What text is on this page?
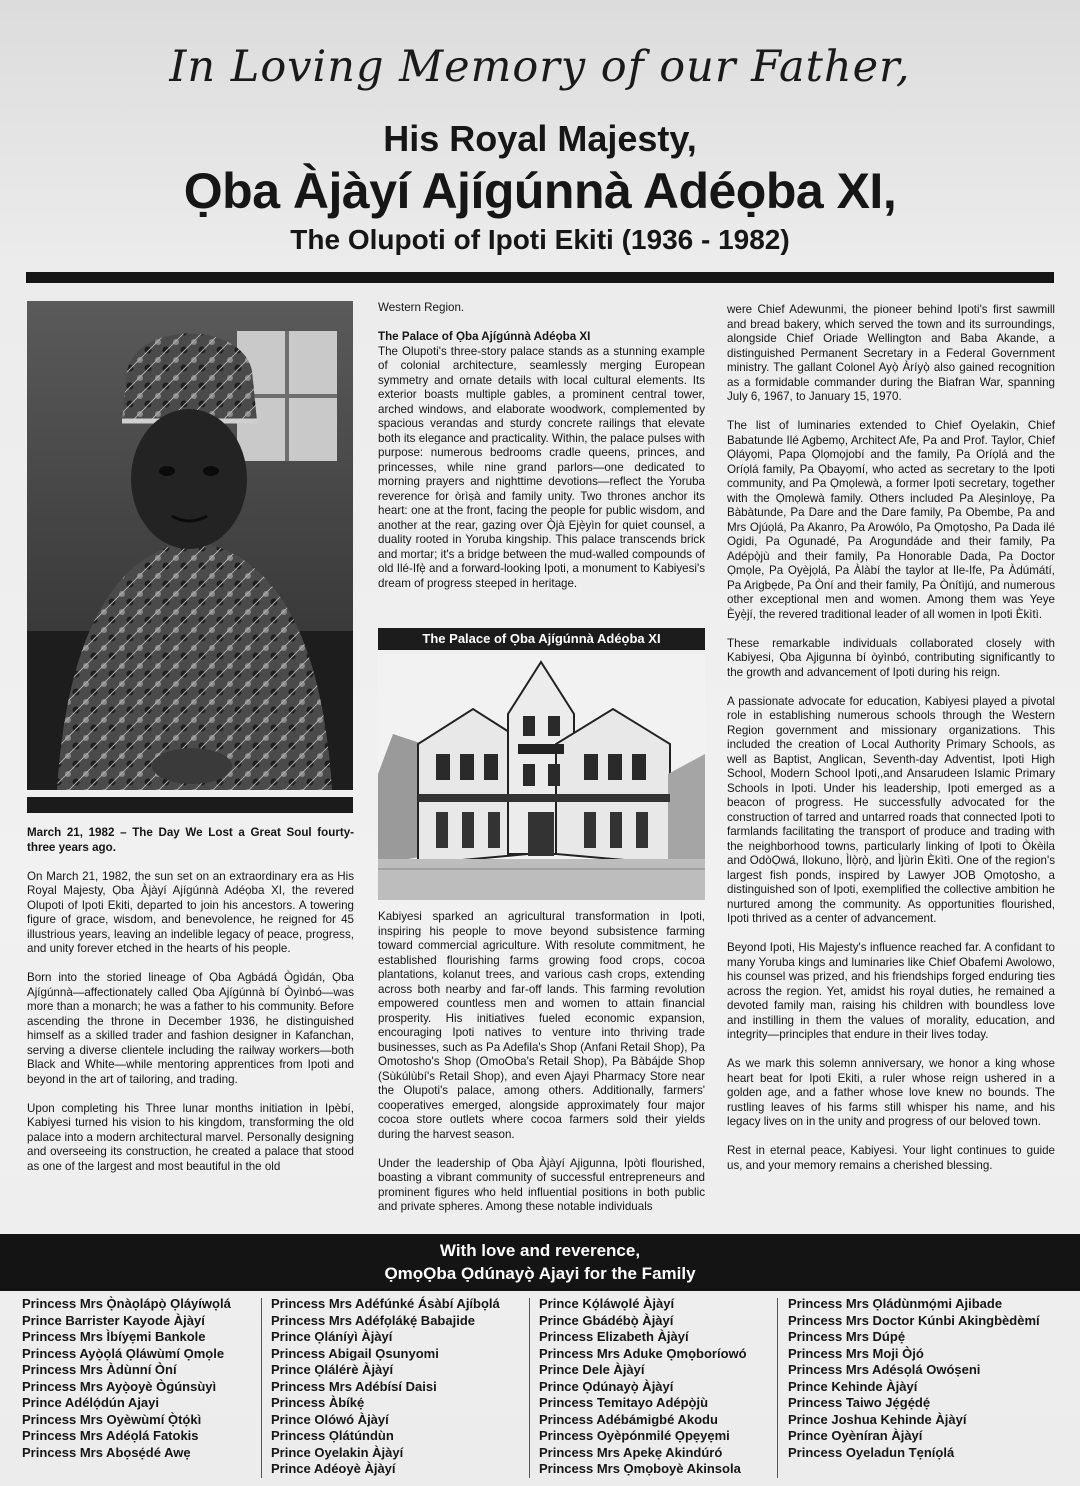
In Loving Memory of our Father,
His Royal Majesty,
Ọba Àjàyí Ajígúnnà Adéọba XI,
The Olupoti of Ipoti Ekiti (1936 - 1982)

March 21, 1982 – The Day We Lost a Great Soul fourty-three years ago.

On March 21, 1982, the sun set on an extraordinary era as His Royal Majesty, Ọba Àjàyí Ajígúnnà Adéọba XI, the revered Olupoti of Ipoti Ekiti, departed to join his ancestors. A towering figure of grace, wisdom, and benevolence, he reigned for 45 illustrious years, leaving an indelible legacy of peace, progress, and unity forever etched in the hearts of his people.

Born into the storied lineage of Ọba Agbádá Ògìdán, Ọba Ajígúnnà—affectionately called Ọba Ajígúnnà bí Òyìnbó—was more than a monarch; he was a father to his community. Before ascending the throne in December 1936, he distinguished himself as a skilled trader and fashion designer in Kafanchan, serving a diverse clientele including the railway workers—both Black and White—while mentoring apprentices from Ipoti and beyond in the art of tailoring, and trading.

Upon completing his Three lunar months initiation in Ipèbí, Kabiyesi turned his vision to his kingdom, transforming the old palace into a modern architectural marvel. Personally designing and overseeing its construction, he created a palace that stood as one of the largest and most beautiful in the old

Western Region.

The Palace of Ọba Ajígúnnà Adéọba XI
The Olupoti's three-story palace stands as a stunning example of colonial architecture, seamlessly merging European symmetry and ornate details with local cultural elements. Its exterior boasts multiple gables, a prominent central tower, arched windows, and elaborate woodwork, complemented by spacious verandas and sturdy concrete railings that elevate both its elegance and practicality. Within, the palace pulses with purpose: numerous bedrooms cradle queens, princes, and princesses, while nine grand parlors—one dedicated to morning prayers and nighttime devotions—reflect the Yoruba reverence for òrìṣà and family unity. Two thrones anchor its heart: one at the front, facing the people for public wisdom, and another at the rear, gazing over Ọ̀jà Ejẹ̀yìn for quiet counsel, a duality rooted in Yoruba kingship. This palace transcends brick and mortar; it's a bridge between the mud-walled compounds of old Ilé-Ifẹ̀ and a forward-looking Ipoti, a monument to Kabiyesi's dream of progress steeped in heritage.

The Palace of Ọba Ajígúnnà Adéọba XI

Kabiyesi sparked an agricultural transformation in Ipoti, inspiring his people to move beyond subsistence farming toward commercial agriculture. With resolute commitment, he established flourishing farms growing food crops, cocoa plantations, kolanut trees, and various cash crops, extending across both nearby and far-off lands. This farming revolution empowered countless men and women to attain financial prosperity. His initiatives fueled economic expansion, encouraging Ipoti natives to venture into thriving trade businesses, such as Pa Adefila's Shop (Anfani Retail Shop), Pa Omotosho's Shop (OmoOba's Retail Shop), Pa Bàbájde Shop (Sùkúlùbí's Retail Shop), and even Ajayi Pharmacy Store near the Olupoti's palace, among others. Additionally, farmers' cooperatives emerged, alongside approximately four major cocoa store outlets where cocoa farmers sold their yields during the harvest season.

Under the leadership of Ọba Àjàyí Ajigunna, Ipòti flourished, boasting a vibrant community of successful entrepreneurs and prominent figures who held influential positions in both public and private spheres. Among these notable individuals

were Chief Adewunmi, the pioneer behind Ipoti's first sawmill and bread bakery, which served the town and its surroundings, alongside Chief Oriade Wellington and Baba Akande, a distinguished Permanent Secretary in a Federal Government ministry. The gallant Colonel Ayọ̀ Àríyọ̀ also gained recognition as a formidable commander during the Biafran War, spanning July 6, 1967, to January 15, 1970.

The list of luminaries extended to Chief Oyelakin, Chief Babatunde Ilé Agbemọ, Architect Afe, Pa and Prof. Taylor, Chief Ọláyọmi, Papa Ọlọmọjobí and the family, Pa Oríọlá and the Oríọlá family, Pa Ọbayọmí, who acted as secretary to the Ipoti community, and Pa Ọmọlewà, a former Ipoti secretary, together with the Ọmọlewà family. Others included Pa Aleṣinloyẹ, Pa Bàbàtunde, Pa Dare and the Dare family, Pa Obembe, Pa and Mrs Ojúọlá, Pa Akanro, Pa Arowólo, Pa Ọmọtọsho, Pa Dada ilé Ogidi, Pa Ogunadé, Pa Arogundáde and their family, Pa Adépọ̀jù and their family, Pa Honorable Dada, Pa Doctor Ọmọle, Pa Oyèjọlá, Pa Àlàbí the taylor at Ile-Ife, Pa Àdúmátí, Pa Arigbẹde, Pa Òní and their family, Pa Ònítìjú, and numerous other exceptional men and women. Among them was Yeye Èyẹ̀jí, the revered traditional leader of all women in Ipoti Èkìtì.

These remarkable individuals collaborated closely with Kabiyesi, Ọba Ajigunna bí òyìnbó, contributing significantly to the growth and advancement of Ipoti during his reign.

A passionate advocate for education, Kabiyesi played a pivotal role in establishing numerous schools through the Western Region government and missionary organizations. This included the creation of Local Authority Primary Schools, as well as Baptist, Anglican, Seventh-day Adventist, Ipoti High School, Modern School Ipoti,,and Ansarudeen Islamic Primary Schools in Ipoti. Under his leadership, Ipoti emerged as a beacon of progress. He successfully advocated for the construction of tarred and untarred roads that connected Ipoti to farmlands facilitating the transport of produce and trading with the neighborhood towns, particularly linking of Ipoti to Òkèila and OdòỌwá, Ilokuno, Ìlọ̀rọ̀, and Ìjùrìn Èkìtì. One of the region's largest fish ponds, inspired by Lawyer JOB Ọmọtọsho, a distinguished son of Ipoti, exemplified the collective ambition he nurtured among the community. As opportunities flourished, Ipoti thrived as a center of advancement.

Beyond Ipoti, His Majesty's influence reached far. A confidant to many Yoruba kings and luminaries like Chief Obafemi Awolowo, his counsel was prized, and his friendships forged enduring ties across the region. Yet, amidst his royal duties, he remained a devoted family man, raising his children with boundless love and instilling in them the values of morality, education, and integrity—principles that endure in their lives today.

As we mark this solemn anniversary, we honor a king whose heart beat for Ipoti Ekiti, a ruler whose reign ushered in a golden age, and a father whose love knew no bounds. The rustling leaves of his farms still whisper his name, and his legacy lives on in the unity and progress of our beloved town.

Rest in eternal peace, Kabiyesi. Your light continues to guide us, and your memory remains a cherished blessing.

With love and reverence,
ỌmọỌba Ọdúnayọ̀ Ajayi for the Family
Princess Mrs Ọ̀nàọlápọ̀ Ọláyíwọlá
Prince Barrister Kayode Àjàyí
Princess Mrs Ìbíyẹmi Bankole
Princess Ayọ̀ọlá Ọláwùmí Ọmọle
Princess Mrs Àdùnní Òní
Princess Mrs Ayọ̀oyè Ògúnsùyì
Prince Adélọ́dún Ajayi
Princess Mrs Oyèwùmí Ọ̀tọ́kì
Princess Mrs Adéọlá Fatokis
Princess Mrs Abọsẹ́dé Awẹ
Princess Mrs Adéfúnké Ásàbí Ajíbọlá
Princess Mrs Adéfọlákẹ́ Babajide
Prince Ọláníyì Àjàyí
Princess Abigail Ọsunyomi
Prince Ọlálérè Àjàyí
Princess Mrs Adébísí Daisi
Princess Àbíkẹ́
Prince Olówó Àjàyí
Princess Ọlátúndùn
Prince Oyelakin Àjàyí
Prince Adéoyè Àjàyí
Prince Kọ́láwọlé Àjàyí
Prince Gbádébọ̀ Àjàyí
Princess Elizabeth Àjàyí
Princess Mrs Aduke Ọmọboríowó
Prince Dele Àjàyí
Prince Ọdúnayọ̀ Àjàyí
Princess Temitayo Adépọ̀jù
Princess Adébámigbé Akodu
Princess Oyèpónmilé Ọpẹyẹmi
Princess Mrs Apekẹ Akindúró
Princess Mrs Ọmọboyè Akinsola
Princess Mrs Ọládùnmọ́mi Ajibade
Princess Mrs Doctor Kúnbi Akingbèdèmí
Princess Mrs Dúpẹ́
Princess Mrs Moji Òjó
Princess Mrs Adésọlá Owóṣeni
Prince Kehinde Àjàyí
Princess Taiwo Jẹ́gẹ́dẹ́
Prince Joshua Kehinde Àjàyí
Prince Oyèníran Àjàyí
Princess Oyeladun Tẹníọlá
